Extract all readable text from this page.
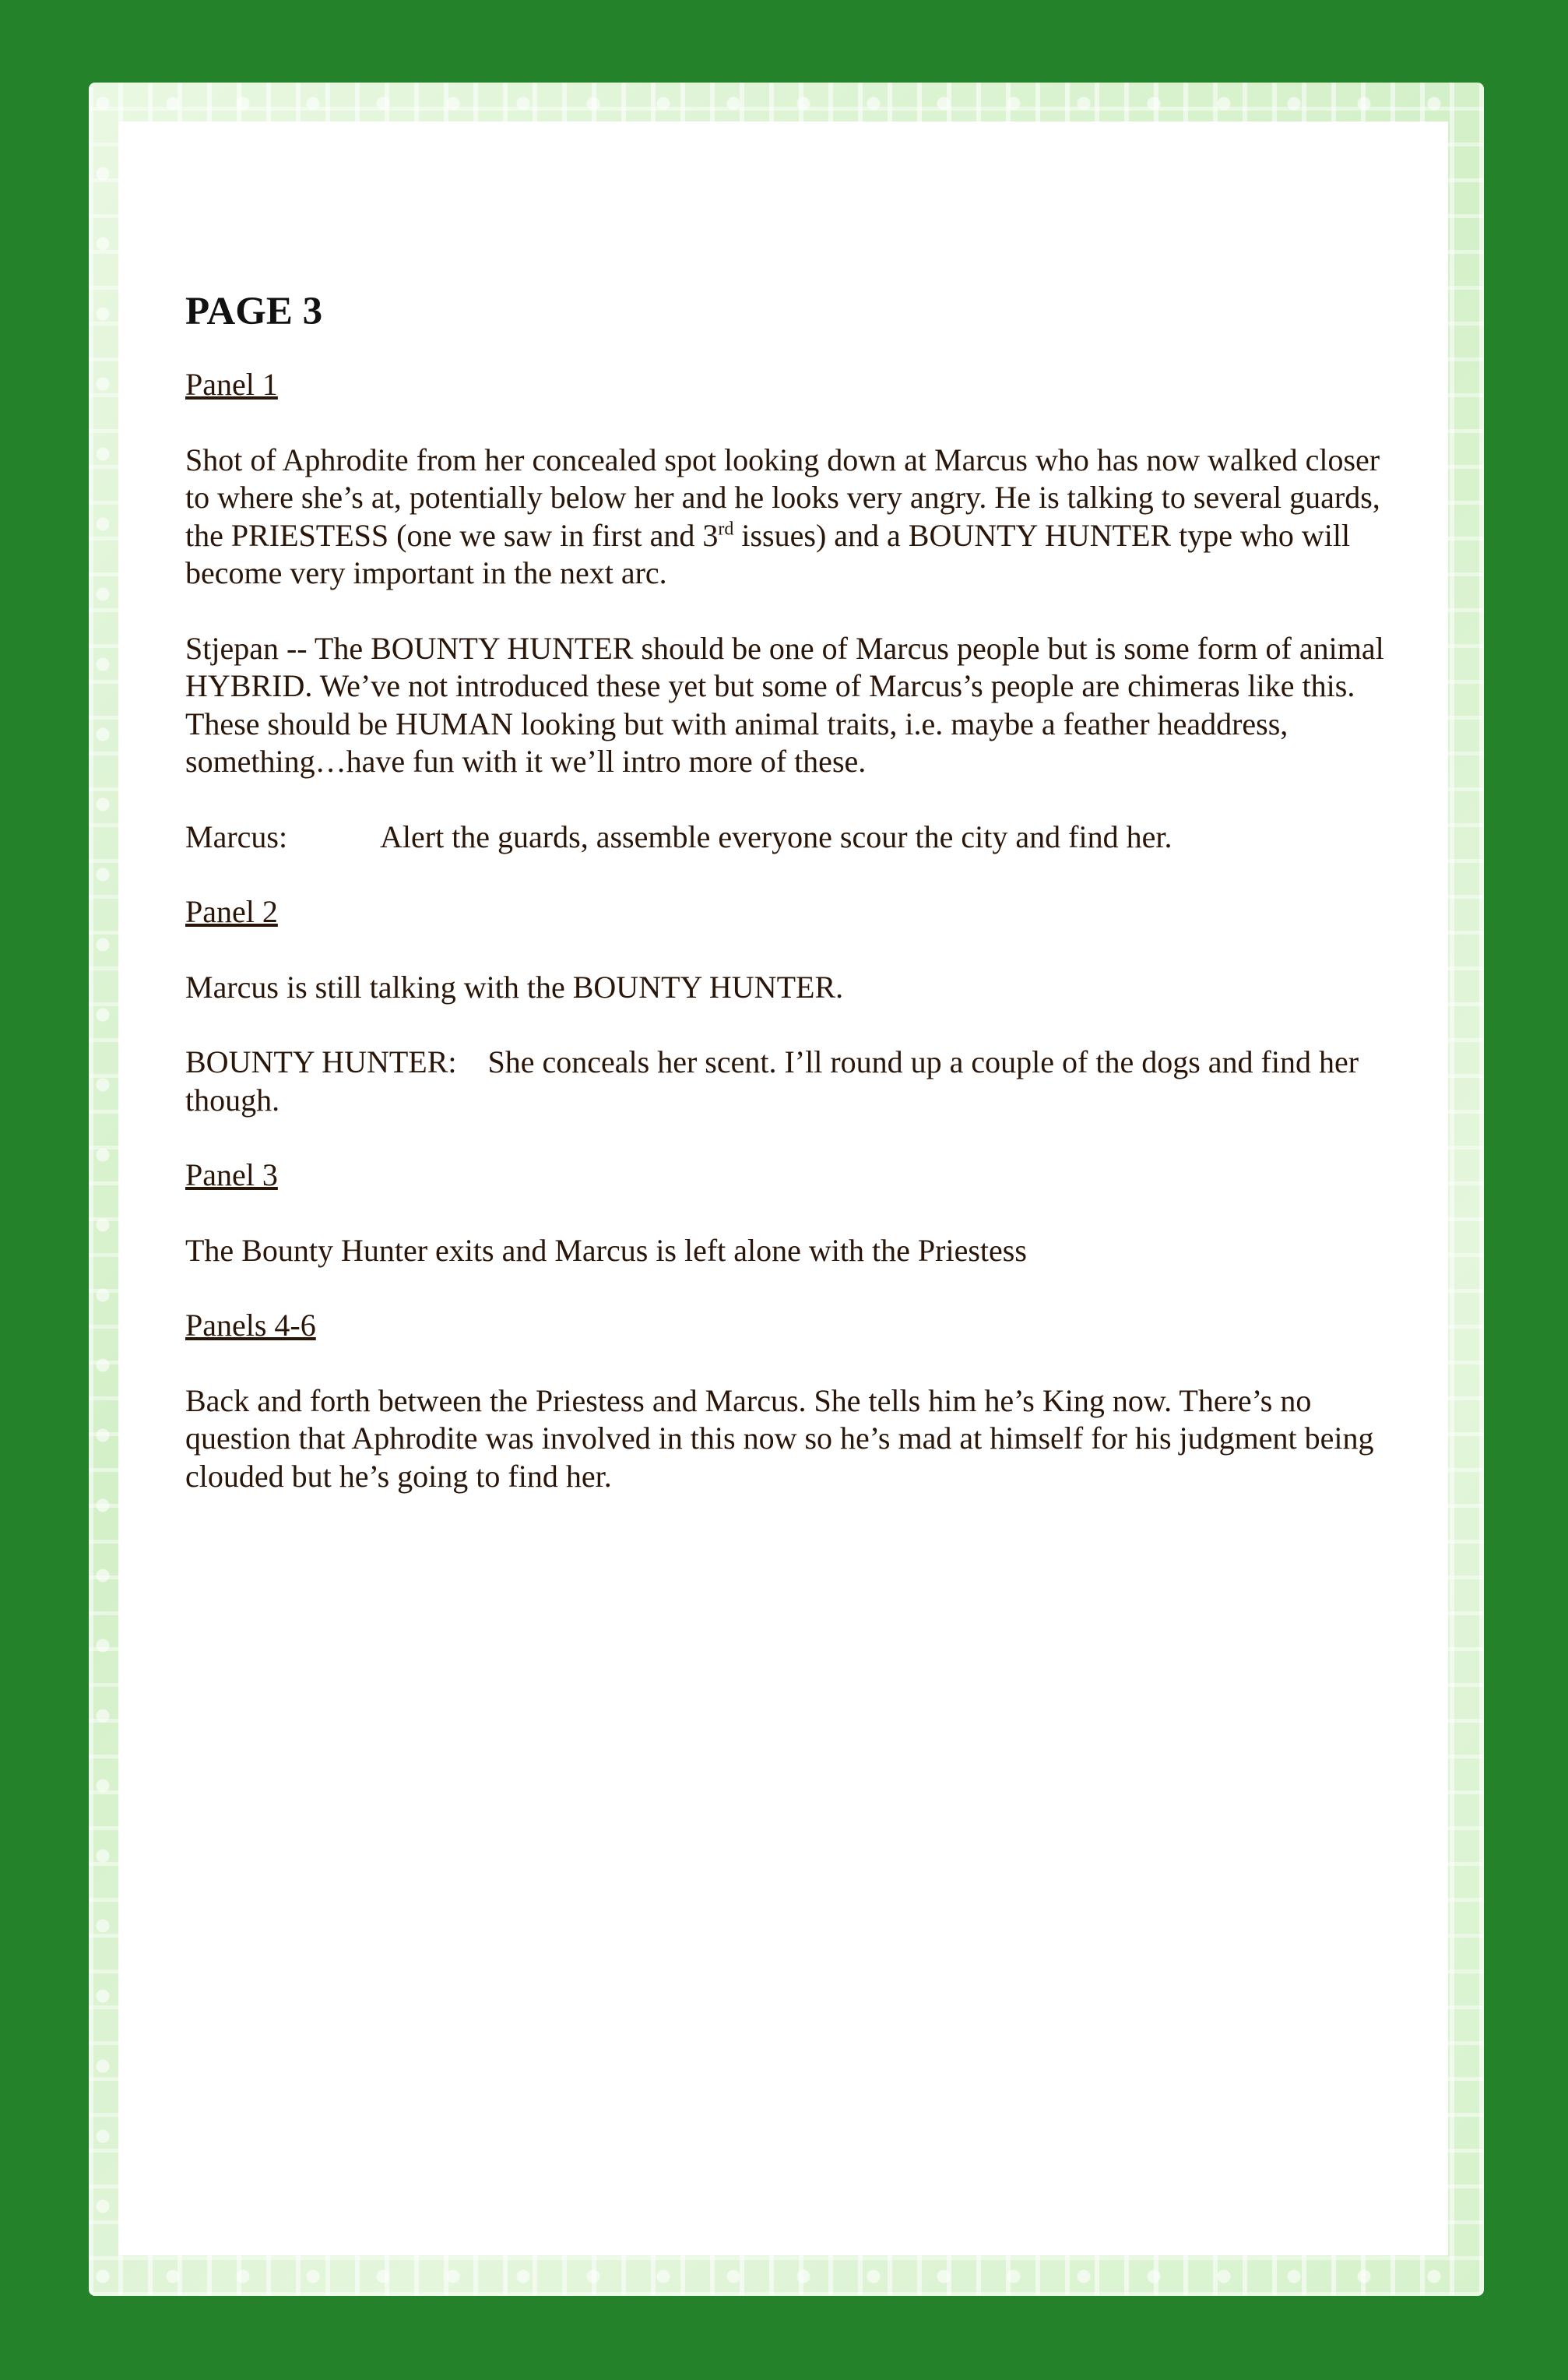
PAGE 3
Panel 1

Shot of Aphrodite from her concealed spot looking down at Marcus who has now walked closer to where she’s at, potentially below her and he looks very angry. He is talking to several guards, the PRIESTESS (one we saw in first and 3rd issues) and a BOUNTY HUNTER type who will become very important in the next arc.

Stjepan -- The BOUNTY HUNTER should be one of Marcus people but is some form of animal HYBRID. We’ve not introduced these yet but some of Marcus’s people are chimeras like this. These should be HUMAN looking but with animal traits, i.e. maybe a feather headdress, something…have fun with it we’ll intro more of these.

Marcus:	Alert the guards, assemble everyone scour the city and find her.
Panel 2

Marcus is still talking with the BOUNTY HUNTER.

BOUNTY HUNTER: She conceals her scent. I’ll round up a couple of the dogs and find her though.

Panel 3

The Bounty Hunter exits and Marcus is left alone with the Priestess

Panels 4-6

Back and forth between the Priestess and Marcus. She tells him he’s King now. There’s no question that Aphrodite was involved in this now so he’s mad at himself for his judgment being clouded but he’s going to find her.
